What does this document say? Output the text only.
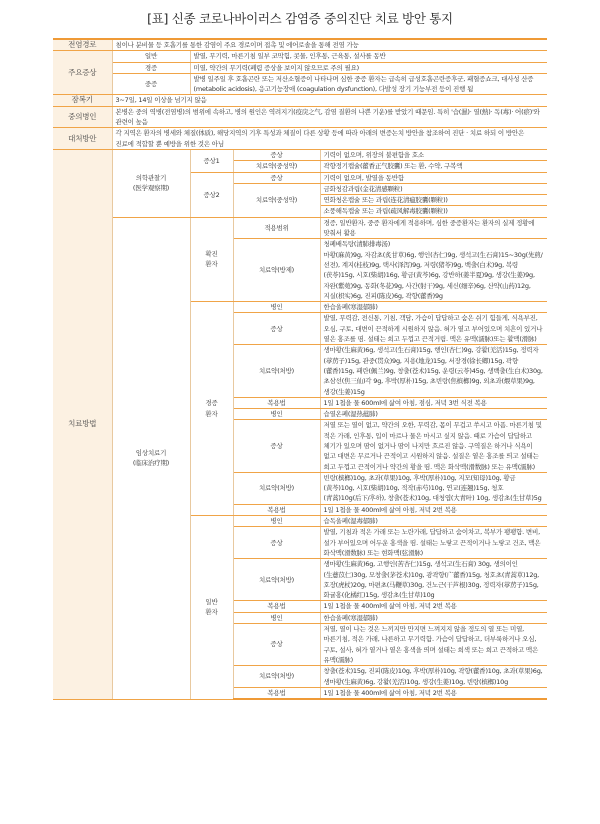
[표] 신종 코로나바이러스 감염증 중의진단 치료 방안 통지
전염경로	침이나 분비물 등 호흡기를 통한 감염이 주요 경로이며 접촉 및 에어로솔을 통해 전염 가능			
주요증상	일반	발열, 무기력, 마른기침 일부 코막힘, 콧물, 인후통, 근육통, 설사를 동반		
	경증	미열, 약간의 무기력(폐렴 증상을 보이지 않으므로 주의 필요)		
	중증	발병 일주일 후 호흡곤란 또는 저산소혈증이 나타나며 심한 중증 환자는 급속히 급성호흡곤란증후군, 패혈증쇼크, 대사성 산증(metabolic acidosis), 응고기능장애 (coagulation dysfunction), 다발성 장기 기능부전 등이 진행 됨		
잠복기	3~7일, 14일 이상을 넘기지 않음			
중의병인	본병은 중의 역병(전염병)의 범위에 속하고, 병의 원인은 역려지기(疫戾之气, 감염 질환의 나쁜 기운)를 받았기 때문임. 특히 '습(濕)· 열(熱)· 독(毒)· 어(瘀)'와 관련이 높음			
대처방안	각 지역은 환자의 병세와 체질(体质), 해당지역의 기후 특성과 체질이 다른 상황 등에 따라 아래의 변증논치 방안을 참조하여 진단 · 치료 하되 이 방안은 진료에 적합할 뿐 예방을 위한 것은 아님			
치료방법	의학관찰기
(医学观察期)	증상1	증상	기력이 없으며, 위장의 불편함을 호소
			치료약(중성약)	곽향정기캡슐(藿香正气胶囊) 또는 환, 수약, 구복액
		증상2	증상	기력이 없으며, 발열을 동반함
			치료약(중성약)	금화청감과립(金花清感颗粒)
				연화청온캡슐 또는 과립(连花清瘟胶囊(颗粒))
				소풍해독캡슐 또는 과립(疏风解毒胶囊(颗粒))
	임상치료기
(临床治疗期)	확진
환자	적용범위	경증, 일반환자, 중증 환자에게 적용하며, 심한 중증환자는 환자의 실제 정황에 맞춰서 활용
			치료약(방제)	청폐배독탕(清肺排毒汤)
마황(麻黄)9g, 자감초(炙甘草)6g, 행인(杏仁)9g, 생석고(生石膏)15~30g(先煎/선전), 계지(桂枝)9g, 택사(泽泻)9g, 저령(猪苓)9g, 백출(白术)9g, 복령(茯苓)15g, 시호(柴胡)16g, 황금(黄芩)6g, 강반하(姜半夏)9g, 생강(生姜)9g, 자완(紫菀)9g, 동화(冬花)9g, 사간(射干)9g, 세신(细辛)6g, 산약(山药)12g, 지실(枳实)6g, 진피(陈皮)6g, 곽향(藿香)9g
		경증
환자	병인	한습울폐(寒湿郁肺)
			증상	발열, 무력감, 전신통, 기침, 객담, 가슴이 답답하고 숨은 쉬기 힘들게, 식욕부진, 오심, 구토, 대변이 끈적하게 시원하지 않음. 혀가 옅고 부어있으며 치흔이 있거나 옅은 홍조를 띰. 설태는 희고 두껍고 끈적거림. 맥은 유맥(濡脉)또는 활맥(滑脉)
			치료약(처방)	생마황(生麻黄)6g, 생석고(生石膏)15g, 행인(杏仁)9g, 강활(羌活)15g, 정력자(葶苈子)15g, 관중(贯众)9g, 지용(地龙)15g, 서장경(徐长卿)15g, 곽향(藿香)15g, 패란(佩兰)9g, 창출(苍术)15g, 운령(云苓)45g, 생백출(生白术)30g, 초삼선(焦三仙)각 9g, 후박(厚朴)15g, 초빈랑(焦槟榔)9g, 외초과(煨草果)9g, 생강(生姜)15g
			복용법	1일 1첩을 물 600ml에 삶여 아침, 점심, 저녁 3번 식전 복용
			병인	습열온폐(湿热蕴肺)
			증상	저열 또는 열이 없고, 약간의 오한, 무력감, 몸이 무겁고 쑤시고 아픔. 마른기침 및 적은 가래, 인후통, 입이 마르나 물은 마시고 싶지 않음. 때로 가슴이 답답하고 체기가 있으며 땀이 없거나 땀이 나지만 흐르진 않음. 구역질은 하거나 식욕이 없고 대변은 무르거나 끈적이고 시원하지 않음. 설질은 옅은 홍조를 띄고 설태는 희고 두껍고 끈적이거나 약간의 황을 띰. 맥은 화삭맥(滑数脉) 또는 유맥(濡脉)
			치료약(처방)	빈랑(槟榔)10g, 초과(草果)10g, 후박(厚朴)10g, 지모(知母)10g, 황금(黄芩)10g, 시호(柴胡)10g, 적작(赤芍)10g, 연교(连翘)15g, 청호(青蒿)10g(后下/후하), 창출(苍术)10g, 대청엽(大青叶) 10g, 생감초(生甘草)5g
			복용법	1일 1첩을 물 400ml에 삶여 아침, 저녁 2번 복용
		일반
환자	병인	습독울폐(湿毒郁肺)
			증상	발열, 기침과 적은 가래 또는 노란가래, 답답하고 숨이차고, 복부가 팽팽함. 변비, 설가 부어있으며 어두운 홍색을 띰. 설태는 노랗고 끈적이거나 노랗고 건조, 맥은 화삭맥(滑数脉) 또는 현화맥(弦滑脉)
			치료약(처방)	생마황(生麻黄)6g, 고행인(苦杏仁)15g, 생석고(生石膏) 30g, 생의이인(生薏苡仁)30g, 모창출(茅苍术)10g, 광곽향(广藿香)15g, 청호초(青蒿草)12g, 호장(虎杖)20g, 마편초(马鞭草)30g, 건노근(干芦根)30g, 정력자(葶苈子)15g, 화귤홍(化橘红)15g, 생감초(生甘草)10g
			복용법	1일 1첩을 물 400ml에 삶여 아침, 저녁 2번 복용
			병인	한습울폐(寒湿郁肺)
			증상	저열, 열이 나는 것은 느끼지만 만지면 느껴지지 않을 정도의 열 또는 미열, 마른기침, 적은 가래, 나른하고 무기력함. 가슴이 답답하고, 더부룩하거나 오심, 구토, 설사, 혀가 옅거나 옅은 홍색을 띄며 설태는 희색 또는 희고 끈적하고 맥은 유맥(濡脉)
			치료약(처방)	창출(苍术)15g, 진피(陈皮)10g, 후박(厚朴)10g, 곽향(藿香)10g, 초과(草果)6g, 생마황(生麻黄)6g, 강활(羌活)10g, 생강(生姜)10g, 빈랑(槟榔)10g
			복용법	1일 1첩을 물 400ml에 삶여 아침, 저녁 2번 복용
